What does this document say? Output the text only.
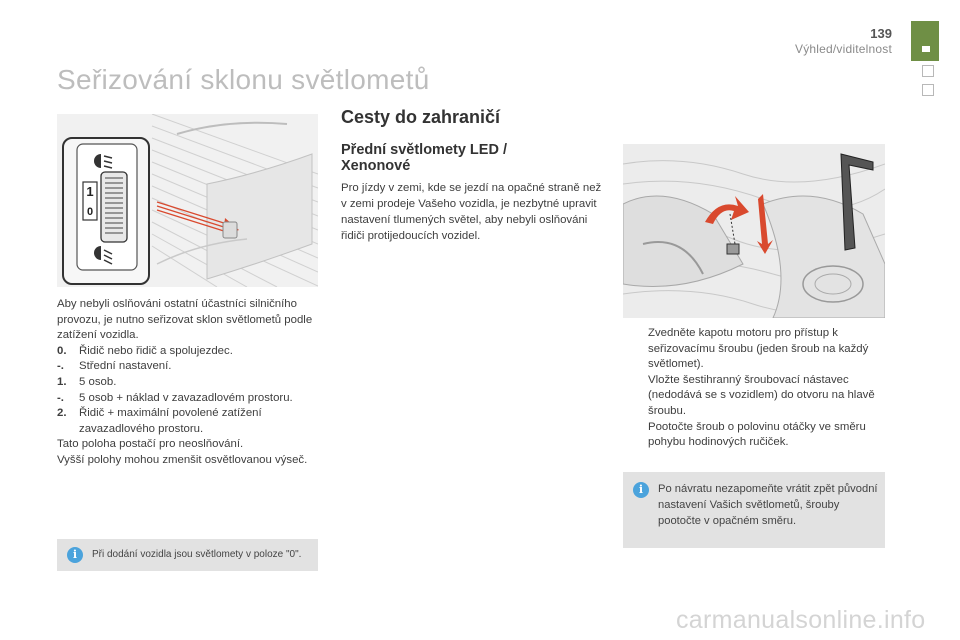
139
Výhled/viditelnost
Seřizování sklonu světlometů
1
0
Aby nebyli oslňováni ostatní účastníci silničního provozu, je nutno seřizovat sklon světlometů podle zatížení vozidla.
0.	Řidič nebo řidič a spolujezdec.
-.	Střední nastavení.
1.	5 osob.
-.	5 osob + náklad v zavazadlovém prostoru.
2.	Řidič + maximální povolené zatížení zavazadlového prostoru.
Tato poloha postačí pro neoslňování.
Vyšší polohy mohou zmenšit osvětlovanou výseč.
i	Při dodání vozidla jsou světlomety v poloze "0".
Cesty do zahraničí
Přední světlomety LED / Xenonové
Pro jízdy v zemi, kde se jezdí na opačné straně než v zemi prodeje Vašeho vozidla, je nezbytné upravit nastavení tlumených světel, aby nebyli oslňováni řidiči protijedoucích vozidel.
Zvedněte kapotu motoru pro přístup k seřizovacímu šroubu (jeden šroub na každý světlomet).
Vložte šestihranný šroubovací nástavec (nedodává se s vozidlem) do otvoru na hlavě šroubu.
Pootočte šroub o polovinu otáčky ve směru pohybu hodinových ručiček.
i	Po návratu nezapomeňte vrátit zpět původní nastavení Vašich světlometů, šrouby pootočte v opačném směru.
carmanualsonline.info
